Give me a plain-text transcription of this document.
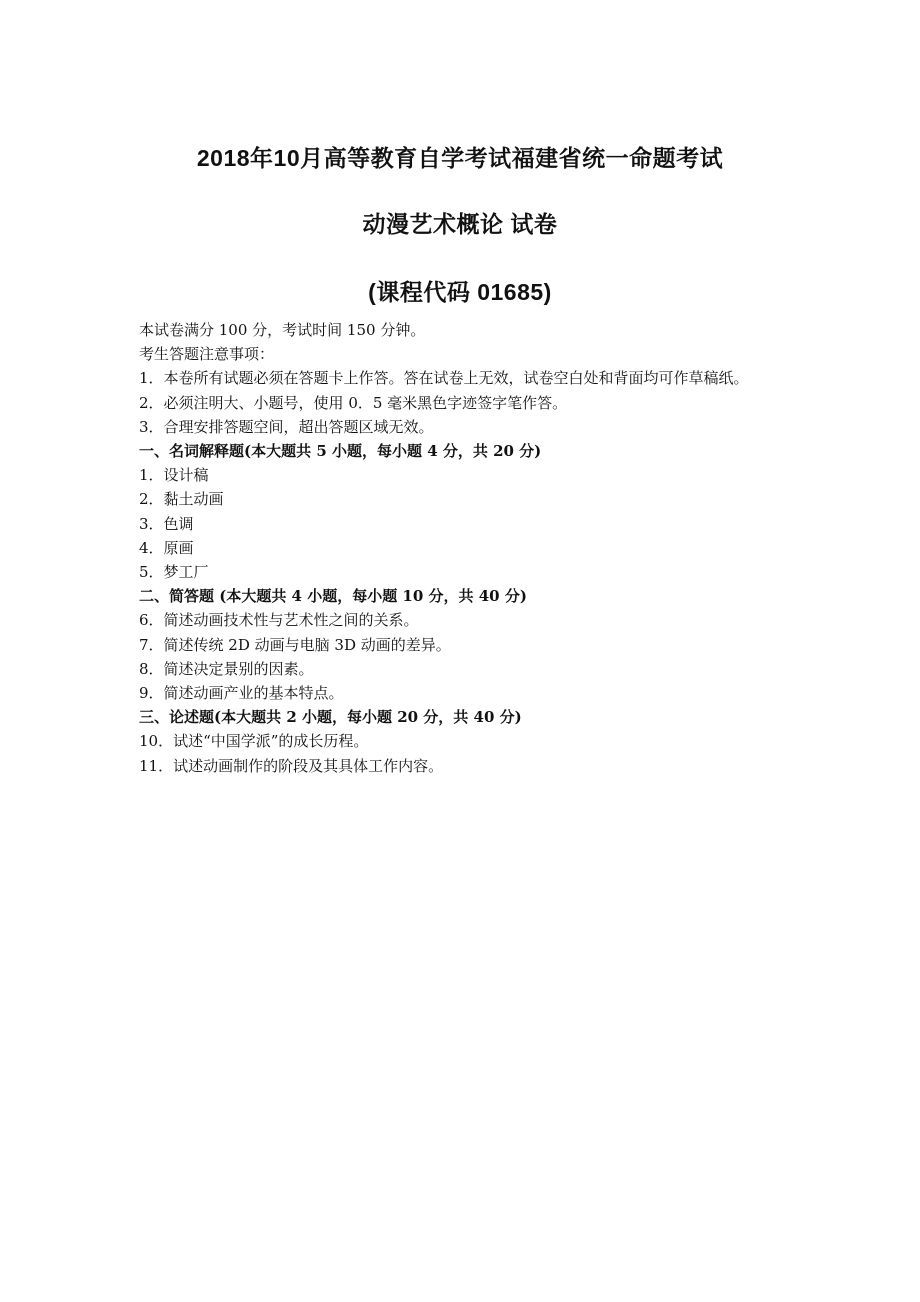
2018年10月高等教育自学考试福建省统一命题考试
动漫艺术概论 试卷
(课程代码 01685)

本试卷满分 100 分，考试时间 150 分钟。

考生答题注意事项：

1．本卷所有试题必须在答题卡上作答。答在试卷上无效，试卷空白处和背面均可作草稿纸。

2．必须注明大、小题号，使用 0．5 毫米黑色字迹签字笔作答。

3．合理安排答题空间，超出答题区域无效。

一、名词解释题(本大题共 5 小题，每小题 4 分，共 20 分)

1．设计稿

2．黏土动画

3．色调

4．原画

5．梦工厂

二、简答题 (本大题共 4 小题，每小题 10 分，共 40 分)

6．简述动画技术性与艺术性之间的关系。

7．简述传统 2D 动画与电脑 3D 动画的差异。

8．简述决定景别的因素。

9．简述动画产业的基本特点。

三、论述题(本大题共 2 小题，每小题 20 分，共 40 分)

10．试述“中国学派”的成长历程。

11．试述动画制作的阶段及其具体工作内容。
